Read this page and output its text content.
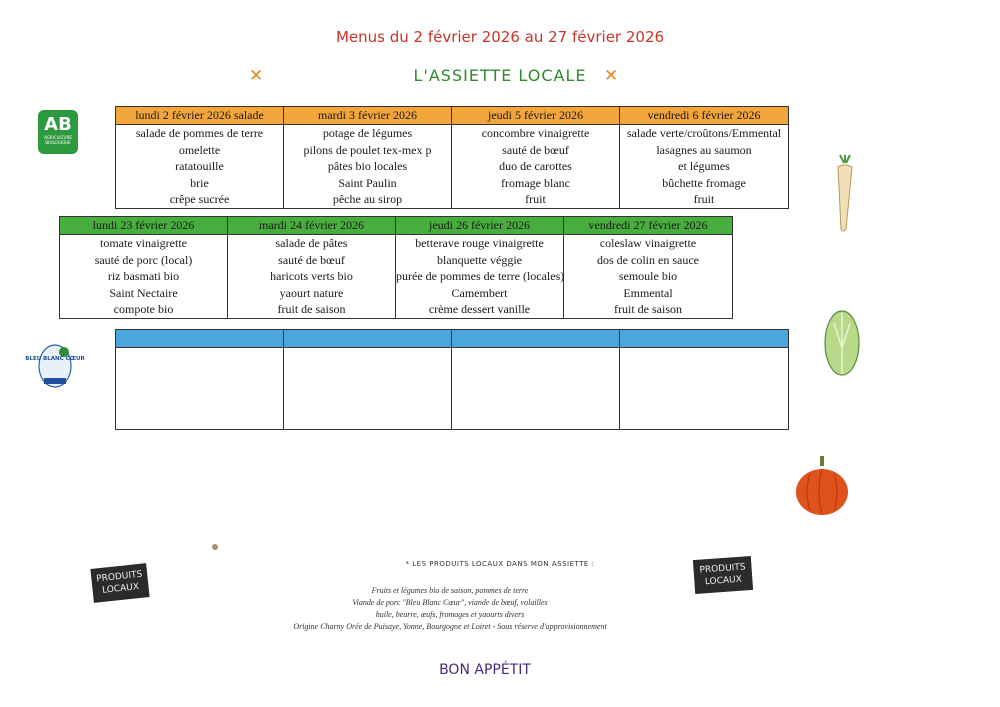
Menus du 2 février 2026 au 27 février 2026
✕	L'ASSIETTE LOCALE	✕
AB
AGRICULTURE BIOLOGIQUE
lundi 2 février 2026 salade	mardi 3 février 2026	jeudi 5 février 2026	vendredi 6 février 2026

salade de pommes de terre
omelette
ratatouille
brie
crêpe sucrée	potage de légumes
pilons de poulet tex-mex p
pâtes bio locales
Saint Paulin
pêche au sirop	concombre vinaigrette
sauté de bœuf
duo de carottes
fromage blanc
fruit	salade verte/croûtons/Emmental
lasagnes au saumon
et légumes
bûchette fromage
fruit
lundi 23 février 2026	mardi 24 février 2026	jeudi 26 février 2026	vendredi 27 février 2026

tomate vinaigrette
sauté de porc (local)
riz basmati bio
Saint Nectaire
compote bio	salade de pâtes
sauté de bœuf
haricots verts bio
yaourt nature
fruit de saison	betterave rouge vinaigrette
blanquette véggie
purée de pommes de terre (locales)
Camembert
crème dessert vanille	coleslaw vinaigrette
dos de colin en sauce
semoule bio
Emmental
fruit de saison

BLEU BLANC CŒUR
* LES PRODUITS LOCAUX DANS MON ASSIETTE :
Fruits et légumes bio de saison, pommes de terre
Viande de porc "Bleu Blanc Cœur", viande de bœuf, volailles
huile, beurre, œufs, fromages et yaourts divers
Origine Charny Orée de Puisaye, Yonne, Bourgogne et Loiret - Sous réserve d'approvisionnement
PRODUITS LOCAUX
PRODUITS LOCAUX
BON APPÉTIT
